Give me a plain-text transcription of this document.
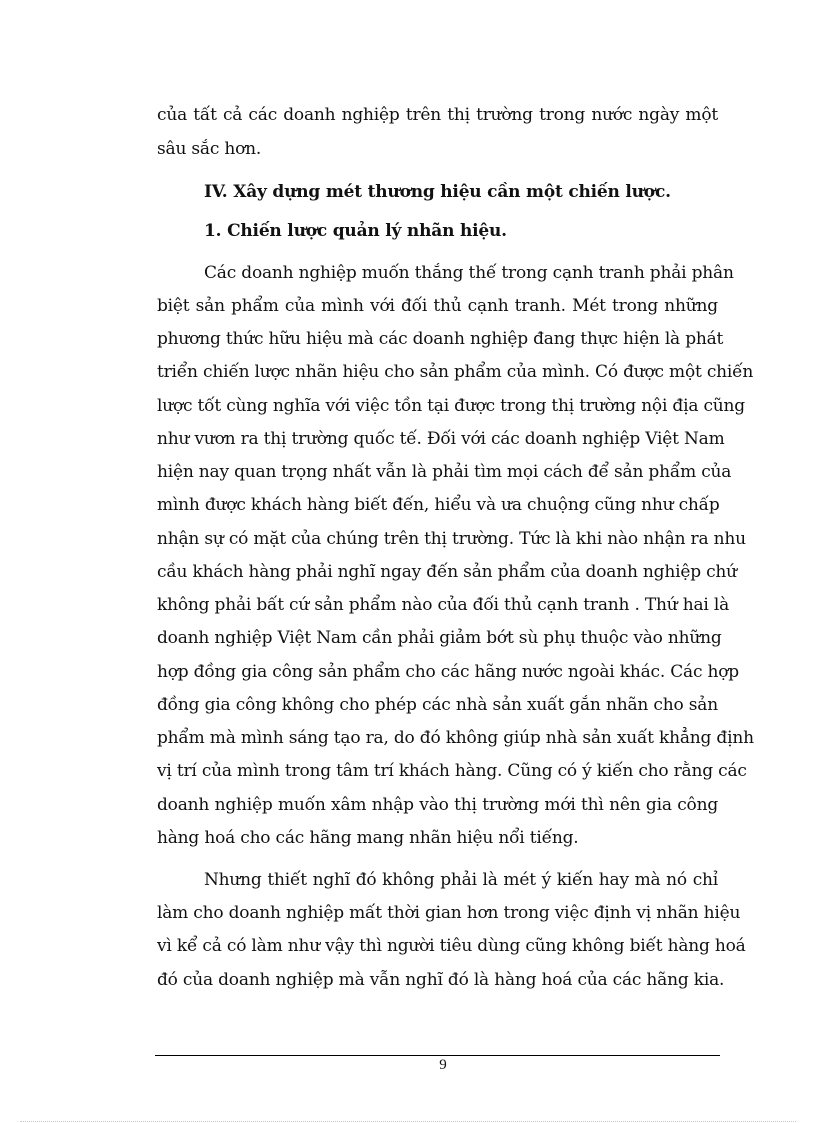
của tất cả các doanh nghiệp trên thị trường trong nước ngày một
sâu sắc hơn.
IV. Xây dựng mét thương hiệu cần một chiến lược.
1. Chiến lược quản lý nhãn hiệu.
Các doanh nghiệp muốn thắng thế trong cạnh tranh phải phân
biệt sản phẩm của mình với đối thủ cạnh tranh. Mét trong những
phương thức hữu hiệu mà các doanh nghiệp đang thực hiện là phát
triển chiến lược nhãn hiệu cho sản phẩm của mình. Có được một chiến
lược tốt cùng nghĩa với việc tồn tại được trong thị trường nội địa cũng
như vươn ra thị trường quốc tế. Đối với các doanh nghiệp Việt Nam
hiện nay quan trọng nhất vẫn là phải tìm mọi cách để sản phẩm của
mình được khách hàng biết đến, hiểu và ưa chuộng cũng như chấp
nhận sự có mặt của chúng trên thị trường. Tức là khi nào nhận ra nhu
cầu khách hàng phải nghĩ ngay đến sản phẩm của doanh nghiệp chứ
không phải bất cứ sản phẩm nào của đối thủ cạnh tranh . Thứ hai là
doanh nghiệp Việt Nam cần phải giảm bớt sù phụ thuộc vào những
hợp đồng gia công sản phẩm cho các hãng nước ngoài khác. Các hợp
đồng gia công không cho phép các nhà sản xuất gắn nhãn cho sản
phẩm mà mình sáng tạo ra, do đó không giúp nhà sản xuất khẳng định
vị trí của mình trong tâm trí khách hàng. Cũng có ý kiến cho rằng các
doanh nghiệp muốn xâm nhập vào thị trường mới thì nên gia công
hàng hoá cho các hãng mang nhãn hiệu nổi tiếng.
Nhưng thiết nghĩ đó không phải là mét ý kiến hay mà nó chỉ
làm cho doanh nghiệp mất thời gian hơn trong việc định vị nhãn hiệu
vì kể cả có làm như vậy thì người tiêu dùng cũng không biết hàng hoá
đó của doanh nghiệp mà vẫn nghĩ đó là hàng hoá của các hãng kia.
9
